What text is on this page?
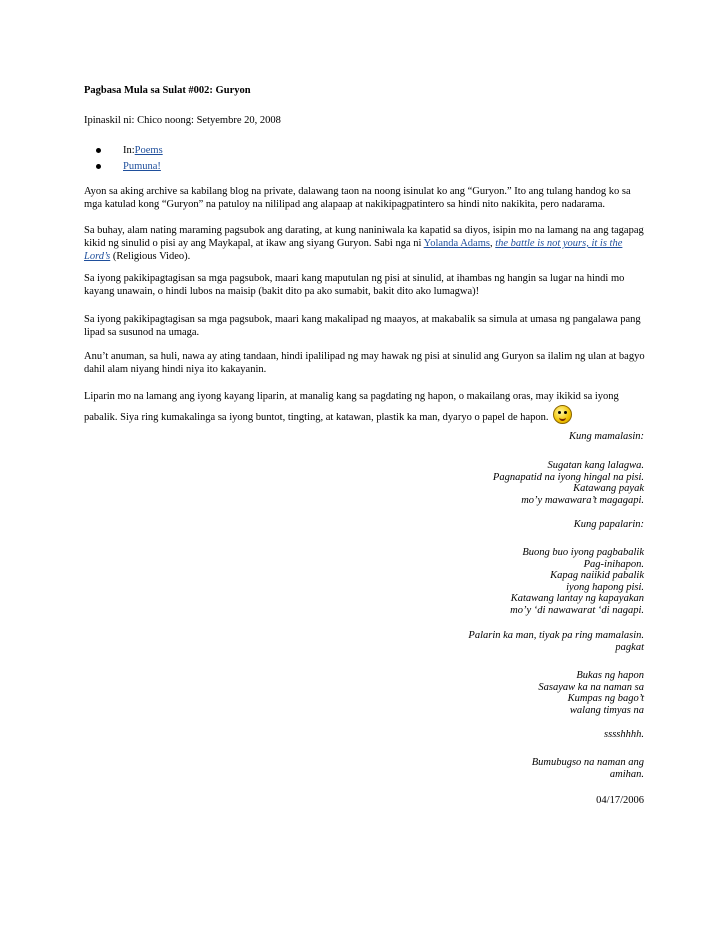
Pagbasa Mula sa Sulat #002: Guryon
Ipinaskil ni: Chico noong: Setyembre 20, 2008
In: Poems
Pumuna!
Ayon sa aking archive sa kabilang blog na private, dalawang taon na noong isinulat ko ang “Guryon.” Ito ang tulang handog ko sa mga katulad kong “Guryon” na patuloy na nililipad ang alapaap at nakikipagpatintero sa hindi nito nakikita, pero nadarama.
Sa buhay, alam nating maraming pagsubok ang darating, at kung naniniwala ka kapatid sa diyos, isipin mo na lamang na ang tagapag kikid ng sinulid o pisi ay ang Maykapal, at ikaw ang siyang Guryon. Sabi nga ni Yolanda Adams, the battle is not yours, it is the Lord’s (Religious Video).
Sa iyong pakikipagtagisan sa mga pagsubok, maari kang maputulan ng pisi at sinulid, at ihambas ng hangin sa lugar na hindi mo kayang unawain, o hindi lubos na maisip (bakit dito pa ako sumabit, bakit dito ako lumagwa)!
Sa iyong pakikipagtagisan sa mga pagsubok, maari kang makalipad ng maayos, at makabalik sa simula at umasa ng pangalawa pang lipad sa susunod na umaga.
Anu’t anuman, sa huli, nawa ay ating tandaan, hindi ipalilipad ng may hawak ng pisi at sinulid ang Guryon sa ilalim ng ulan at bagyo dahil alam niyang hindi niya ito kakayanin.
Liparin mo na lamang ang iyong kayang liparin, at manalig kang sa pagdating ng hapon, o makailang oras, may ikikid sa iyong pabalik. Siya ring kumakalinga sa iyong buntot, tingting, at katawan, plastik ka man, dyaryo o papel de hapon.
Kung mamalasin:
Sugatan kang lalagwa.
Pagnapatid na iyong hingal na pisi.
Katawang payak
mo’y mawawara’t magagapi.
Kung papalarin:
Buong buo iyong pagbabalik
Pag-inihapon.
Kapag naiikid pabalik
iyong hapong pisi.
Katawang lantay ng kapayakan
mo’y ‘di nawawarat ‘di nagapi.
Palarin ka man, tiyak pa ring mamalasin.
pagkat
Bukas ng hapon
Sasayaw ka na naman sa
Kumpas ng bago’t
walang timyas na
sssshhhh.
Bumubugso na naman ang
amihan.
04/17/2006
